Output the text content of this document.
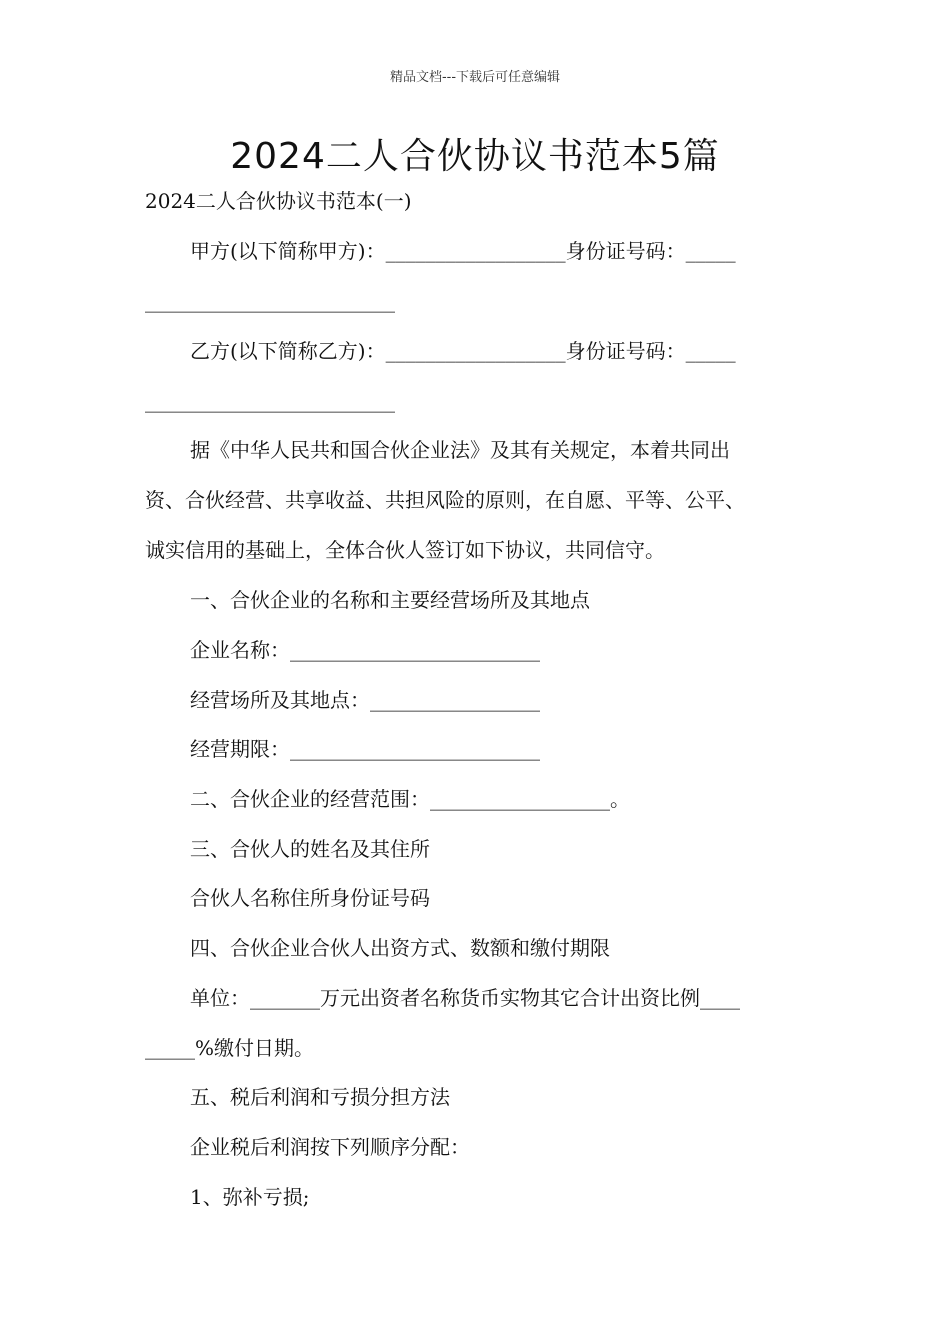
精品文档---下载后可任意编辑
2024二人合伙协议书范本5篇
2024二人合伙协议书范本(一)
甲方(以下简称甲方)：__________________身份证号码：_____
_________________________
乙方(以下简称乙方)：__________________身份证号码：_____
_________________________
据《中华人民共和国合伙企业法》及其有关规定，本着共同出
资、合伙经营、共享收益、共担风险的原则，在自愿、平等、公平、
诚实信用的基础上，全体合伙人签订如下协议，共同信守。
一、合伙企业的名称和主要经营场所及其地点
企业名称：_________________________
经营场所及其地点：_________________
经营期限：_________________________
二、合伙企业的经营范围：__________________。
三、合伙人的姓名及其住所
合伙人名称住所身份证号码
四、合伙企业合伙人出资方式、数额和缴付期限
单位：_______万元出资者名称货币实物其它合计出资比例____
_____%缴付日期。
五、税后利润和亏损分担方法
企业税后利润按下列顺序分配：
1、弥补亏损;
